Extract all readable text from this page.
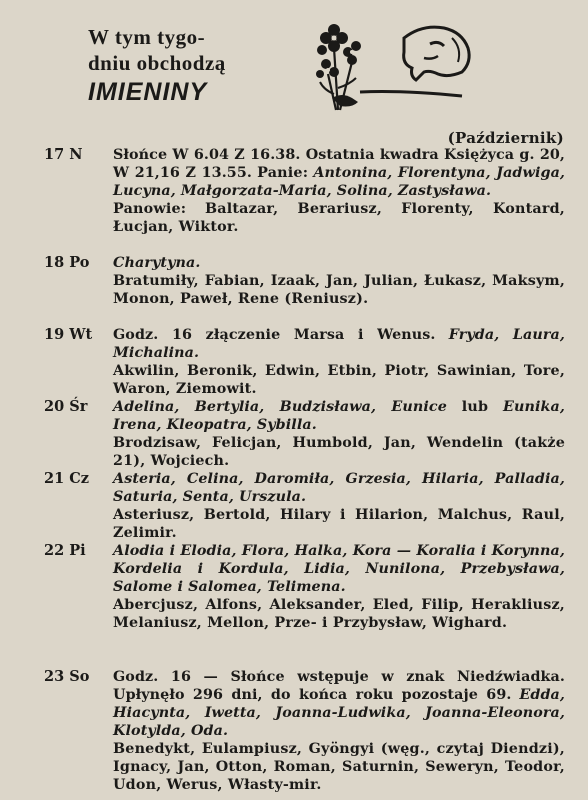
W tym tygo-
dniu obchodzą
IMIENINY
(Październik)
17 N	Słońce W 6.04 Z 16.38. Ostatnia kwadra Księżyca g. 20, W 21,16 Z 13.55. Panie: Antonina, Florentyna, Jadwiga, Lucyna, Małgorzata-Maria, Solina, Zastysława.

Panowie: Baltazar, Berariusz, Florenty, Kontard, Łucjan, Wiktor.

18 Po	Charytyna.

Bratumiły, Fabian, Izaak, Jan, Julian, Łukasz, Maksym, Monon, Paweł, Rene (Reniusz).

19 Wt	Godz. 16 złączenie Marsa i Wenus. Fryda, Laura, Michalina.

Akwilin, Beronik, Edwin, Etbin, Piotr, Sawinian, Tore, Waron, Ziemowit.

20 Śr	Adelina, Bertylia, Budzisława, Eunice lub Eunika, Irena, Kleopatra, Sybilla.

Brodzisaw, Felicjan, Humbold, Jan, Wendelin (także 21), Wojciech.

21 Cz	Asteria, Celina, Daromiła, Grzesia, Hilaria, Palladia, Saturia, Senta, Urszula.

Asteriusz, Bertold, Hilary i Hilarion, Malchus, Raul, Zelimir.

22 Pi	Alodia i Elodia, Flora, Halka, Kora — Koralia i Korynna, Kordelia i Kordula, Lidia, Nunilona, Przebysława, Salome i Salomea, Telimena.

Abercjusz, Alfons, Aleksander, Eled, Filip, Herakliusz, Melaniusz, Mellon, Prze- i Przybysław, Wighard.

23 So	Godz. 16 — Słońce wstępuje w znak Niedźwiadka. Upłynęło 296 dni, do końca roku pozostaje 69. Edda, Hiacynta, Iwetta, Joanna-Ludwika, Joanna-Eleonora, Klotylda, Oda.

Benedykt, Eulampiusz, Gyöngyi (węg., czytaj Diendzi), Ignacy, Jan, Otton, Roman, Saturnin, Seweryn, Teodor, Udon, Werus, Własty-mir.
